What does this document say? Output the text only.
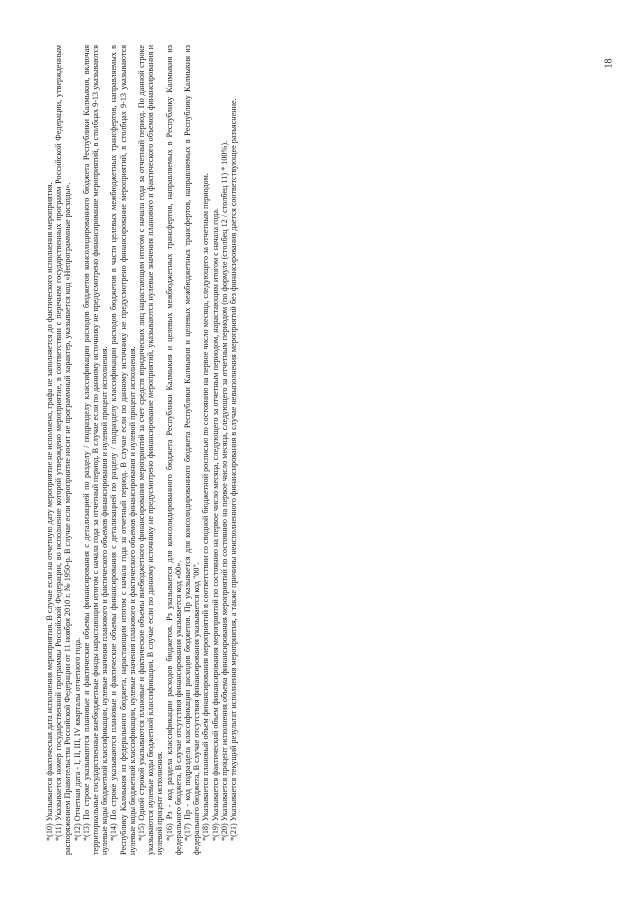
*(10) Указывается фактическая дата исполнения мероприятия. В случае если на отчетную дату мероприятие не исполнено, графа не заполняется до фактического исполнения мероприятия. *(11) Указывается номер государственной программы Российской Федерации, во исполнение которой утверждено мероприятие, в соответствии с перечнем государственных программ Российской Федерации, утвержденным распоряжением Правительства Российской Федерации от 11 ноября 2010 г. № 1950-р. В случае если мероприятие носит не программный характер, указывается код «Непрограммные расходы». *(12) Отчетная дата - I, II, III, IV кварталы отчетного года. *(13) По строке указываются плановые и фактические объемы финансирования с детализацией по разделу / подразделу классификации расходов бюджетов консолидированного бюджета Республики Калмыкия, включая территориальные государственные внебюджетные фонды нарастающим итогом с начала года за отчетный период. В случае если по данному источнику не предусмотрено финансирование мероприятий, в столбцах 9-13 указываются нулевые коды бюджетной классификации, нулевые значения планового и фактического объемов финансирования и нулевой процент исполнения. *(14) По строке указываются плановые и фактические объемы финансирования с детализацией по разделу / подразделу классификации расходов бюджетов в части целевых межбюджетных трансфертов, направляемых в Республику Калмыкия из федерального бюджета, нарастающим итогом с начала года за отчетный период. В случае если по данному источнику не предусмотрено финансирование мероприятий, в столбцах 9-13 указываются нулевые коды бюджетной классификации, нулевые значения планового и фактического объемов финансирования и нулевой процент исполнения. *(15) Одной строкой указываются плановые и фактические объемы внебюджетного финансирования мероприятий за счет средств юридических лиц нарастающим итогом с начала года за отчетный период. По данной строке указываются нулевые коды бюджетной классификации. В случае если по данному источнику не предусмотрено финансирование мероприятий, указываются нулевые значения планового и фактического объемов финансирования и нулевой процент исполнения. *(16) Рз - код раздела классификации расходов бюджетов. Рз указывается для консолидированного бюджета Республики Калмыкия и целевых межбюджетных трансфертов, направляемых в Республику Калмыкия из федерального бюджета. В случае отсутствия финансирования указывается код «00». *(17) Пр - код подраздела классификации расходов бюджетов. Пр указывается для консолидированного бюджета Республики Калмыкия и целевых межбюджетных трансфертов, направляемых в Республику Калмыкия из федерального бюджета. В случае отсутствия финансирования указывается код "00". *(18) Указывается плановый объем финансирования мероприятий в соответствии со сводной бюджетной росписью по состоянию на первое число месяца, следующего за отчетным периодом. *(19) Указывается фактический объем финансирования мероприятий по состоянию на первое число месяца, следующего за отчетным периодом, нарастающим итогом с начала года. *(20) Указывается процент исполнения объема финансирования мероприятий по состоянию на первое число месяца, следующего за отчетным периодом (по формуле (столбец 12 / столбец 11) * 100%). *(21) Указывается текущий результат исполнения мероприятия, а также причины неисполненного финансирования в случае невыполнения мероприятий без финансирования дается соответствующее разъяснение.

18
